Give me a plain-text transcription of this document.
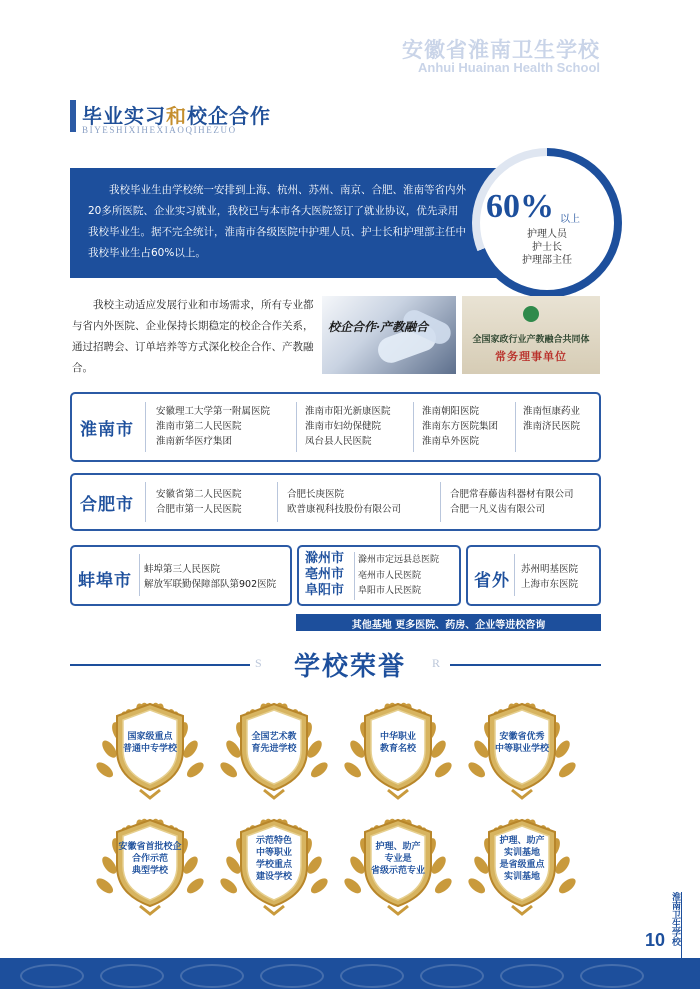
安徽省淮南卫生学校
Anhui Huainan Health School
毕业实习和校企合作
BIYESHIXIHEXIAOQIHEZUO
我校毕业生由学校统一安排到上海、杭州、苏州、南京、合肥、淮南等省内外20多所医院、企业实习就业，我校已与本市各大医院签订了就业协议，优先录用我校毕业生。据不完全统计，淮南市各级医院中护理人员、护士长和护理部主任中我校毕业生占60%以上。
60% 以上
护理人员
护士长
护理部主任
我校主动适应发展行业和市场需求，所有专业都与省内外医院、企业保持长期稳定的校企合作关系，通过招聘会、订单培养等方式深化校企合作、产教融合。
校企合作·产教融合
全国家政行业产教融合共同体
常务理事单位
淮南市
安徽理工大学第一附属医院
淮南市第二人民医院
淮南新华医疗集团
淮南市阳光新康医院
淮南市妇幼保健院
凤台县人民医院
淮南朝阳医院
淮南东方医院集团
淮南阜外医院
淮南恒康药业
淮南济民医院
合肥市
安徽省第二人民医院
合肥市第一人民医院
合肥长庚医院
欧普康视科技股份有限公司
合肥常春藤齿科器材有限公司
合肥一凡义齿有限公司
蚌埠市
蚌埠第三人民医院
解放军联勤保障部队第902医院
滁州市
亳州市
阜阳市
滁州市定远县总医院
亳州市人民医院
阜阳市人民医院	省外
苏州明基医院
上海市东医院
其他基地 更多医院、药房、企业等进校咨询
S	R
学校荣誉
国家级重点
普通中专学校
全国艺术教
育先进学校
中华职业
教育名校
安徽省优秀
中等职业学校
安徽省首批校企
合作示范
典型学校
示范特色
中等职业
学校重点
建设学校
护理、助产
专业是
省级示范专业
护理、助产
实训基地
是省级重点
实训基地
淮南卫生学校
10
